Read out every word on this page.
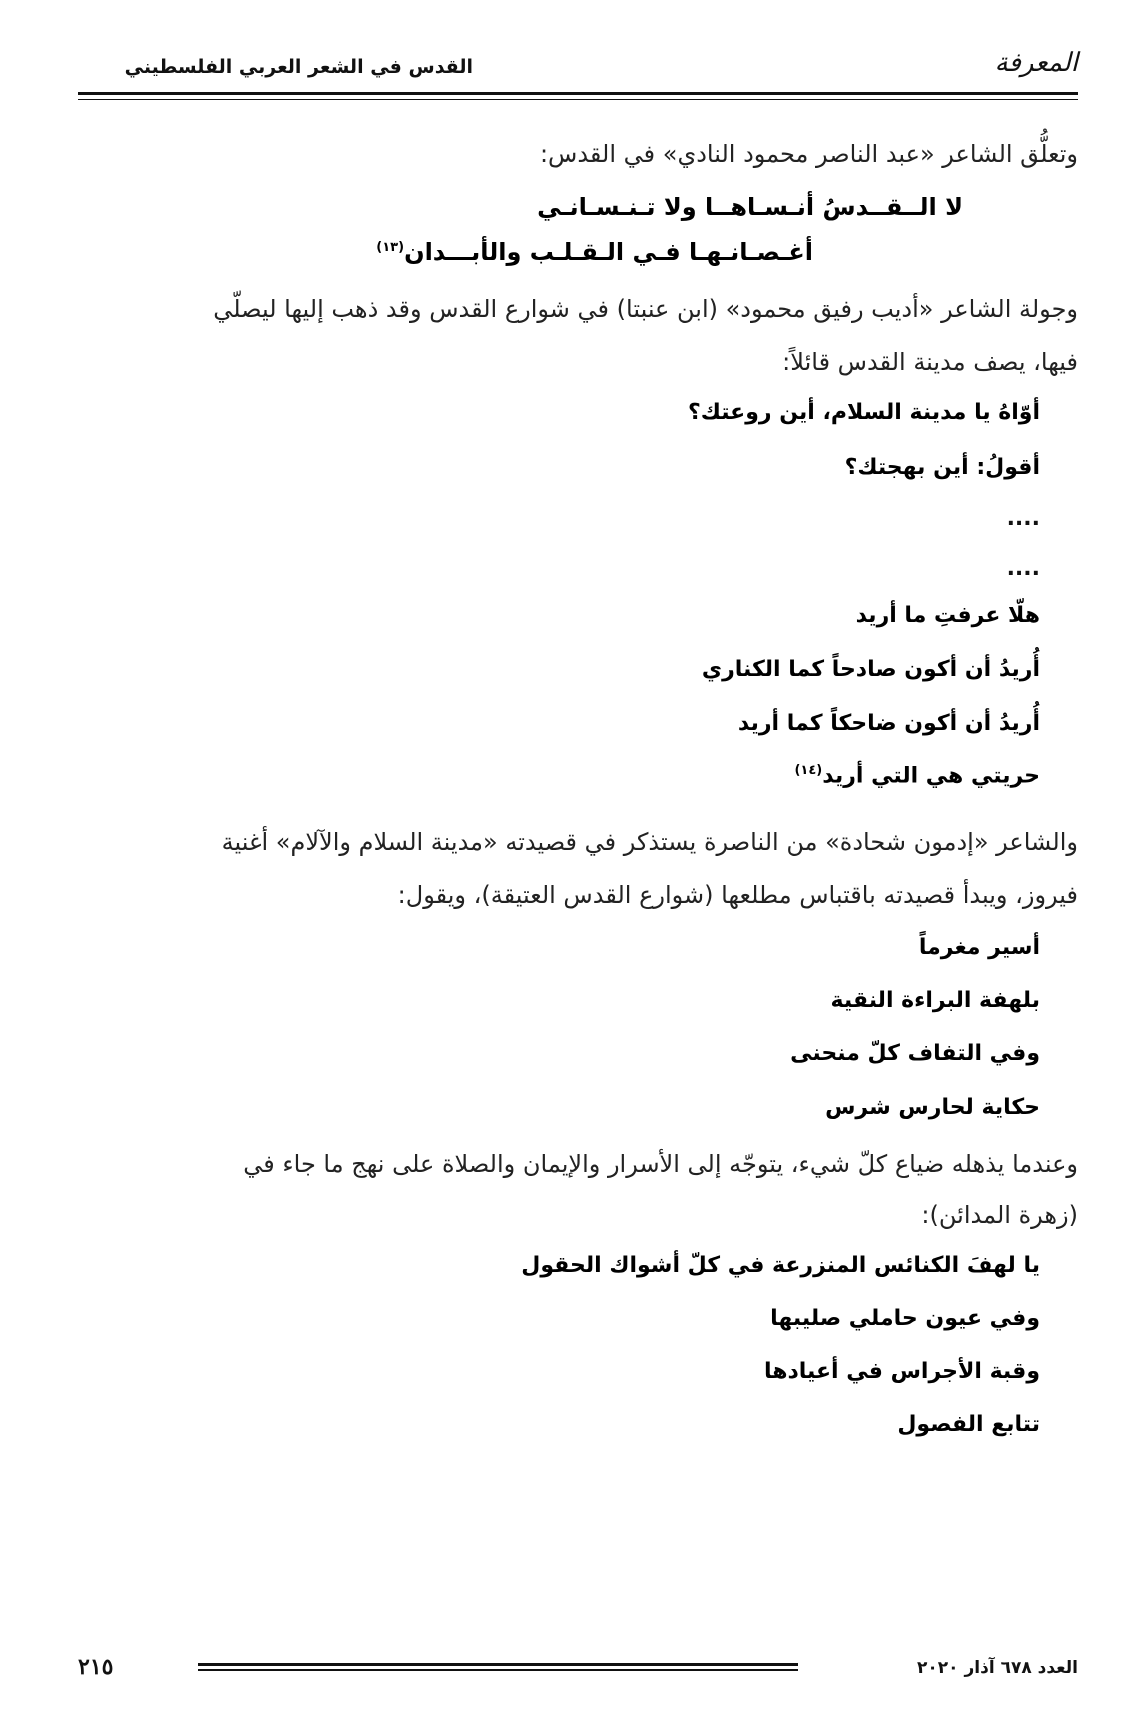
القدس في الشعر العربي الفلسطيني	المعرفة
وتعلُّق الشاعر «عبد الناصر محمود النادي» في القدس:
لا الــقــدسُ أنـسـاهــا ولا تـنـسـانـي
أغـصـانـهـا فـي الـقـلـب والأبـــدان$^{(١٣)}$
وجولة الشاعر «أديب رفيق محمود» (ابن عنبتا) في شوارع القدس وقد ذهب إليها ليصلّي
فيها، يصف مدينة القدس قائلاً:
أوّاهُ يا مدينة السلام، أين روعتك؟
أقولُ: أين بهجتك؟
....
....
هلّا عرفتِ ما أريد
أُريدُ أن أكون صادحاً كما الكناري
أُريدُ أن أكون ضاحكاً كما أريد
حريتي هي التي أريد$^{(١٤)}$
والشاعر «إدمون شحادة» من الناصرة يستذكر في قصيدته «مدينة السلام والآلام» أغنية
فيروز، ويبدأ قصيدته باقتباس مطلعها (شوارع القدس العتيقة)، ويقول:
أسير مغرماً
بلهفة البراءة النقية
وفي التفاف كلّ منحنى
حكاية لحارس شرس
وعندما يذهله ضياع كلّ شيء، يتوجّه إلى الأسرار والإيمان والصلاة على نهج ما جاء في
(زهرة المدائن):
يا لهفَ الكنائس المنزرعة في كلّ أشواك الحقول
وفي عيون حاملي صليبها
وقبة الأجراس في أعيادها
تتابع الفصول
٢١٥	العدد ٦٧٨ آذار ٢٠٢٠
